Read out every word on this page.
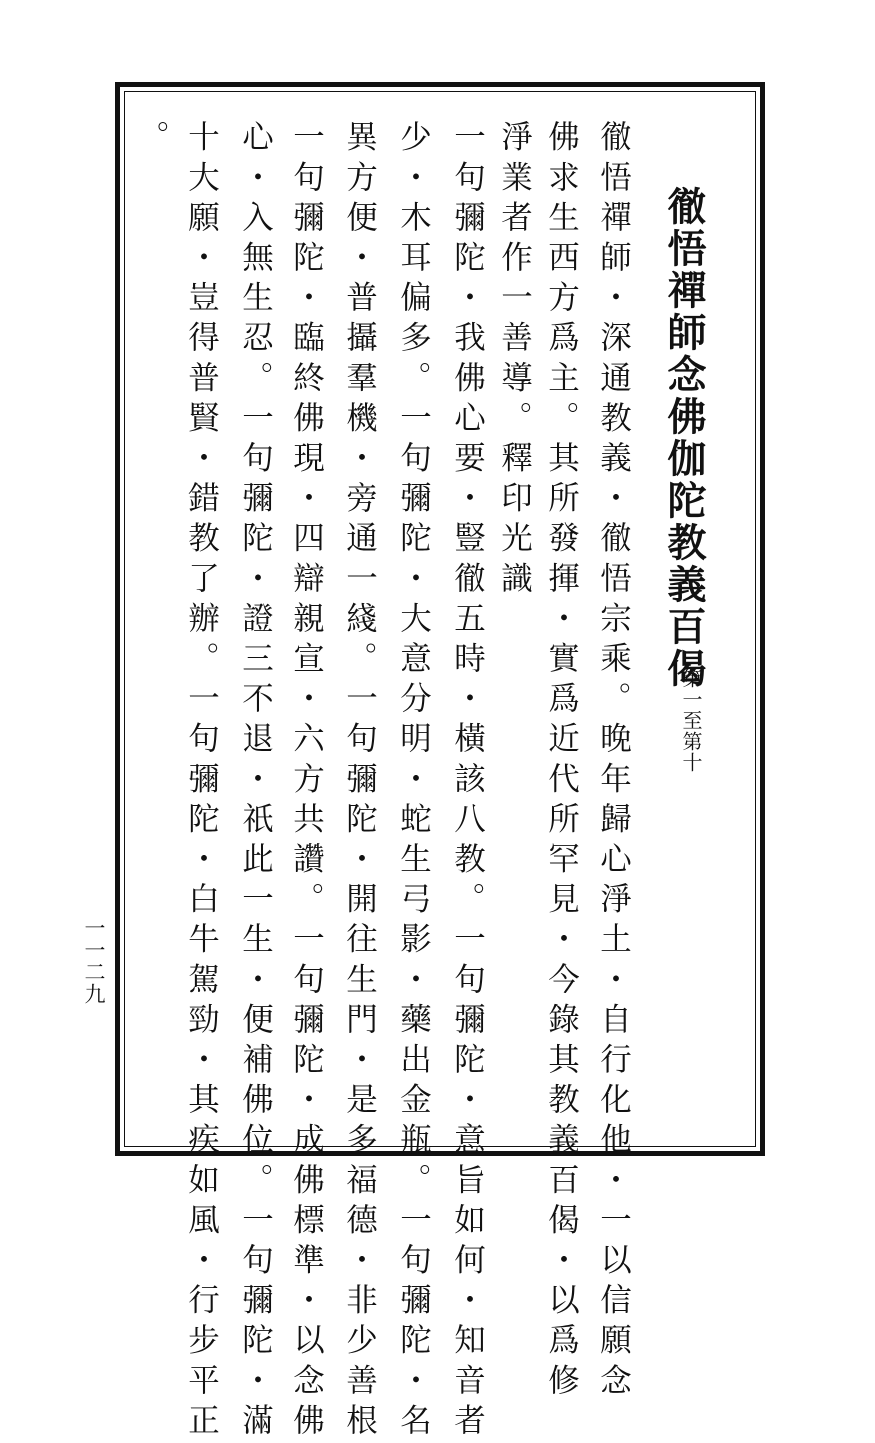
徹悟禪師念佛伽陀教義百偈
第一至第十
徹悟禪師・深通教義・徹悟宗乘。晚年歸心淨土・自行化他・一以信願念
佛求生西方爲主。其所發揮・實爲近代所罕見・今錄其教義百偈・以爲修
淨業者作一善導。釋印光識
一句彌陀・我佛心要・豎徹五時・橫該八教。一句彌陀・意旨如何・知音者
少・木耳偏多。一句彌陀・大意分明・蛇生弓影・藥出金瓶。一句彌陀・名
異方便・普攝羣機・旁通一綫。一句彌陀・開往生門・是多福德・非少善根
一句彌陀・臨終佛現・四辯親宣・六方共讚。一句彌陀・成佛標準・以念佛
心・入無生忍。一句彌陀・證三不退・祇此一生・便補佛位。一句彌陀・滿
十大願・豈得普賢・錯教了辦。一句彌陀・白牛駕勁・其疾如風・行步平正
。
一一二九
